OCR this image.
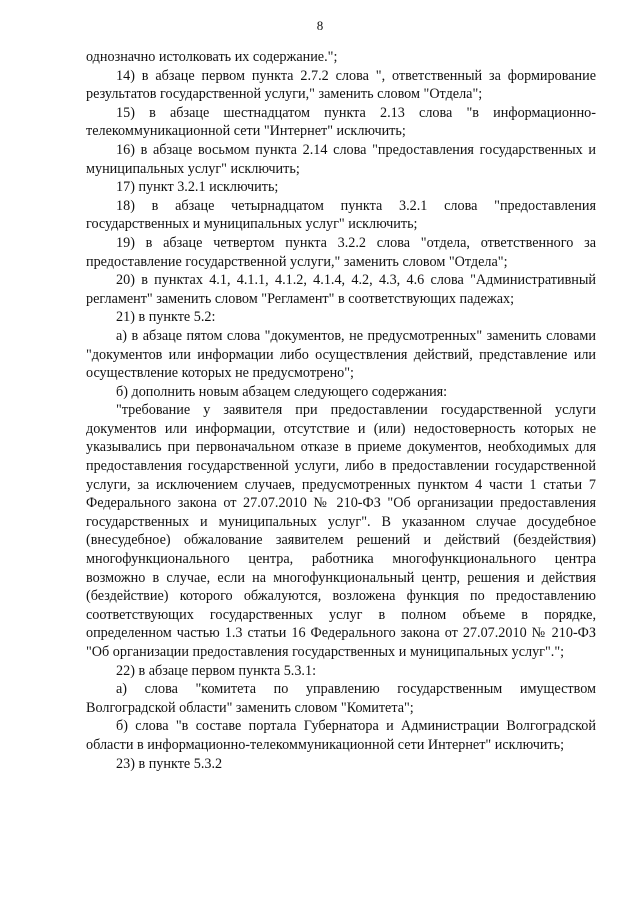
8

однозначно истолковать их содержание.";

14) в абзаце первом пункта 2.7.2 слова ", ответственный за формирование результатов государственной услуги," заменить словом "Отдела";

15) в абзаце шестнадцатом пункта 2.13 слова "в информационно-телекоммуникационной сети "Интернет" исключить;

16) в абзаце восьмом пункта 2.14 слова "предоставления государственных и муниципальных услуг" исключить;

17) пункт 3.2.1 исключить;

18) в абзаце четырнадцатом пункта 3.2.1 слова "предоставления государственных и муниципальных услуг" исключить;

19) в абзаце четвертом пункта 3.2.2 слова "отдела, ответственного за предоставление государственной услуги," заменить словом "Отдела";

20) в пунктах 4.1, 4.1.1, 4.1.2, 4.1.4, 4.2, 4.3, 4.6 слова "Административный регламент" заменить словом "Регламент" в соответствующих падежах;

21) в пункте 5.2:

а) в абзаце пятом слова "документов, не предусмотренных" заменить словами "документов или информации либо осуществления действий, представление или осуществление которых не предусмотрено";

б) дополнить новым абзацем следующего содержания:

"требование у заявителя при предоставлении государственной услуги документов или информации, отсутствие и (или) недостоверность которых не указывались при первоначальном отказе в приеме документов, необходимых для предоставления государственной услуги, либо в предоставлении государственной услуги, за исключением случаев, предусмотренных пунктом 4 части 1 статьи 7 Федерального закона от 27.07.2010 № 210-ФЗ "Об организации предоставления государственных и муниципальных услуг". В указанном случае досудебное (внесудебное) обжалование заявителем решений и действий (бездействия) многофункционального центра, работника многофункционального центра возможно в случае, если на многофункциональный центр, решения и действия (бездействие) которого обжалуются, возложена функция по предоставлению соответствующих государственных услуг в полном объеме в порядке, определенном частью 1.3 статьи 16 Федерального закона от 27.07.2010 № 210-ФЗ "Об организации предоставления государственных и муниципальных услуг".";

22) в абзаце первом пункта 5.3.1:

а) слова "комитета по управлению государственным имуществом Волгоградской области" заменить словом "Комитета";

б) слова "в составе портала Губернатора и Администрации Волгоградской области в информационно-телекоммуникационной сети Интернет" исключить;

23) в пункте 5.3.2
